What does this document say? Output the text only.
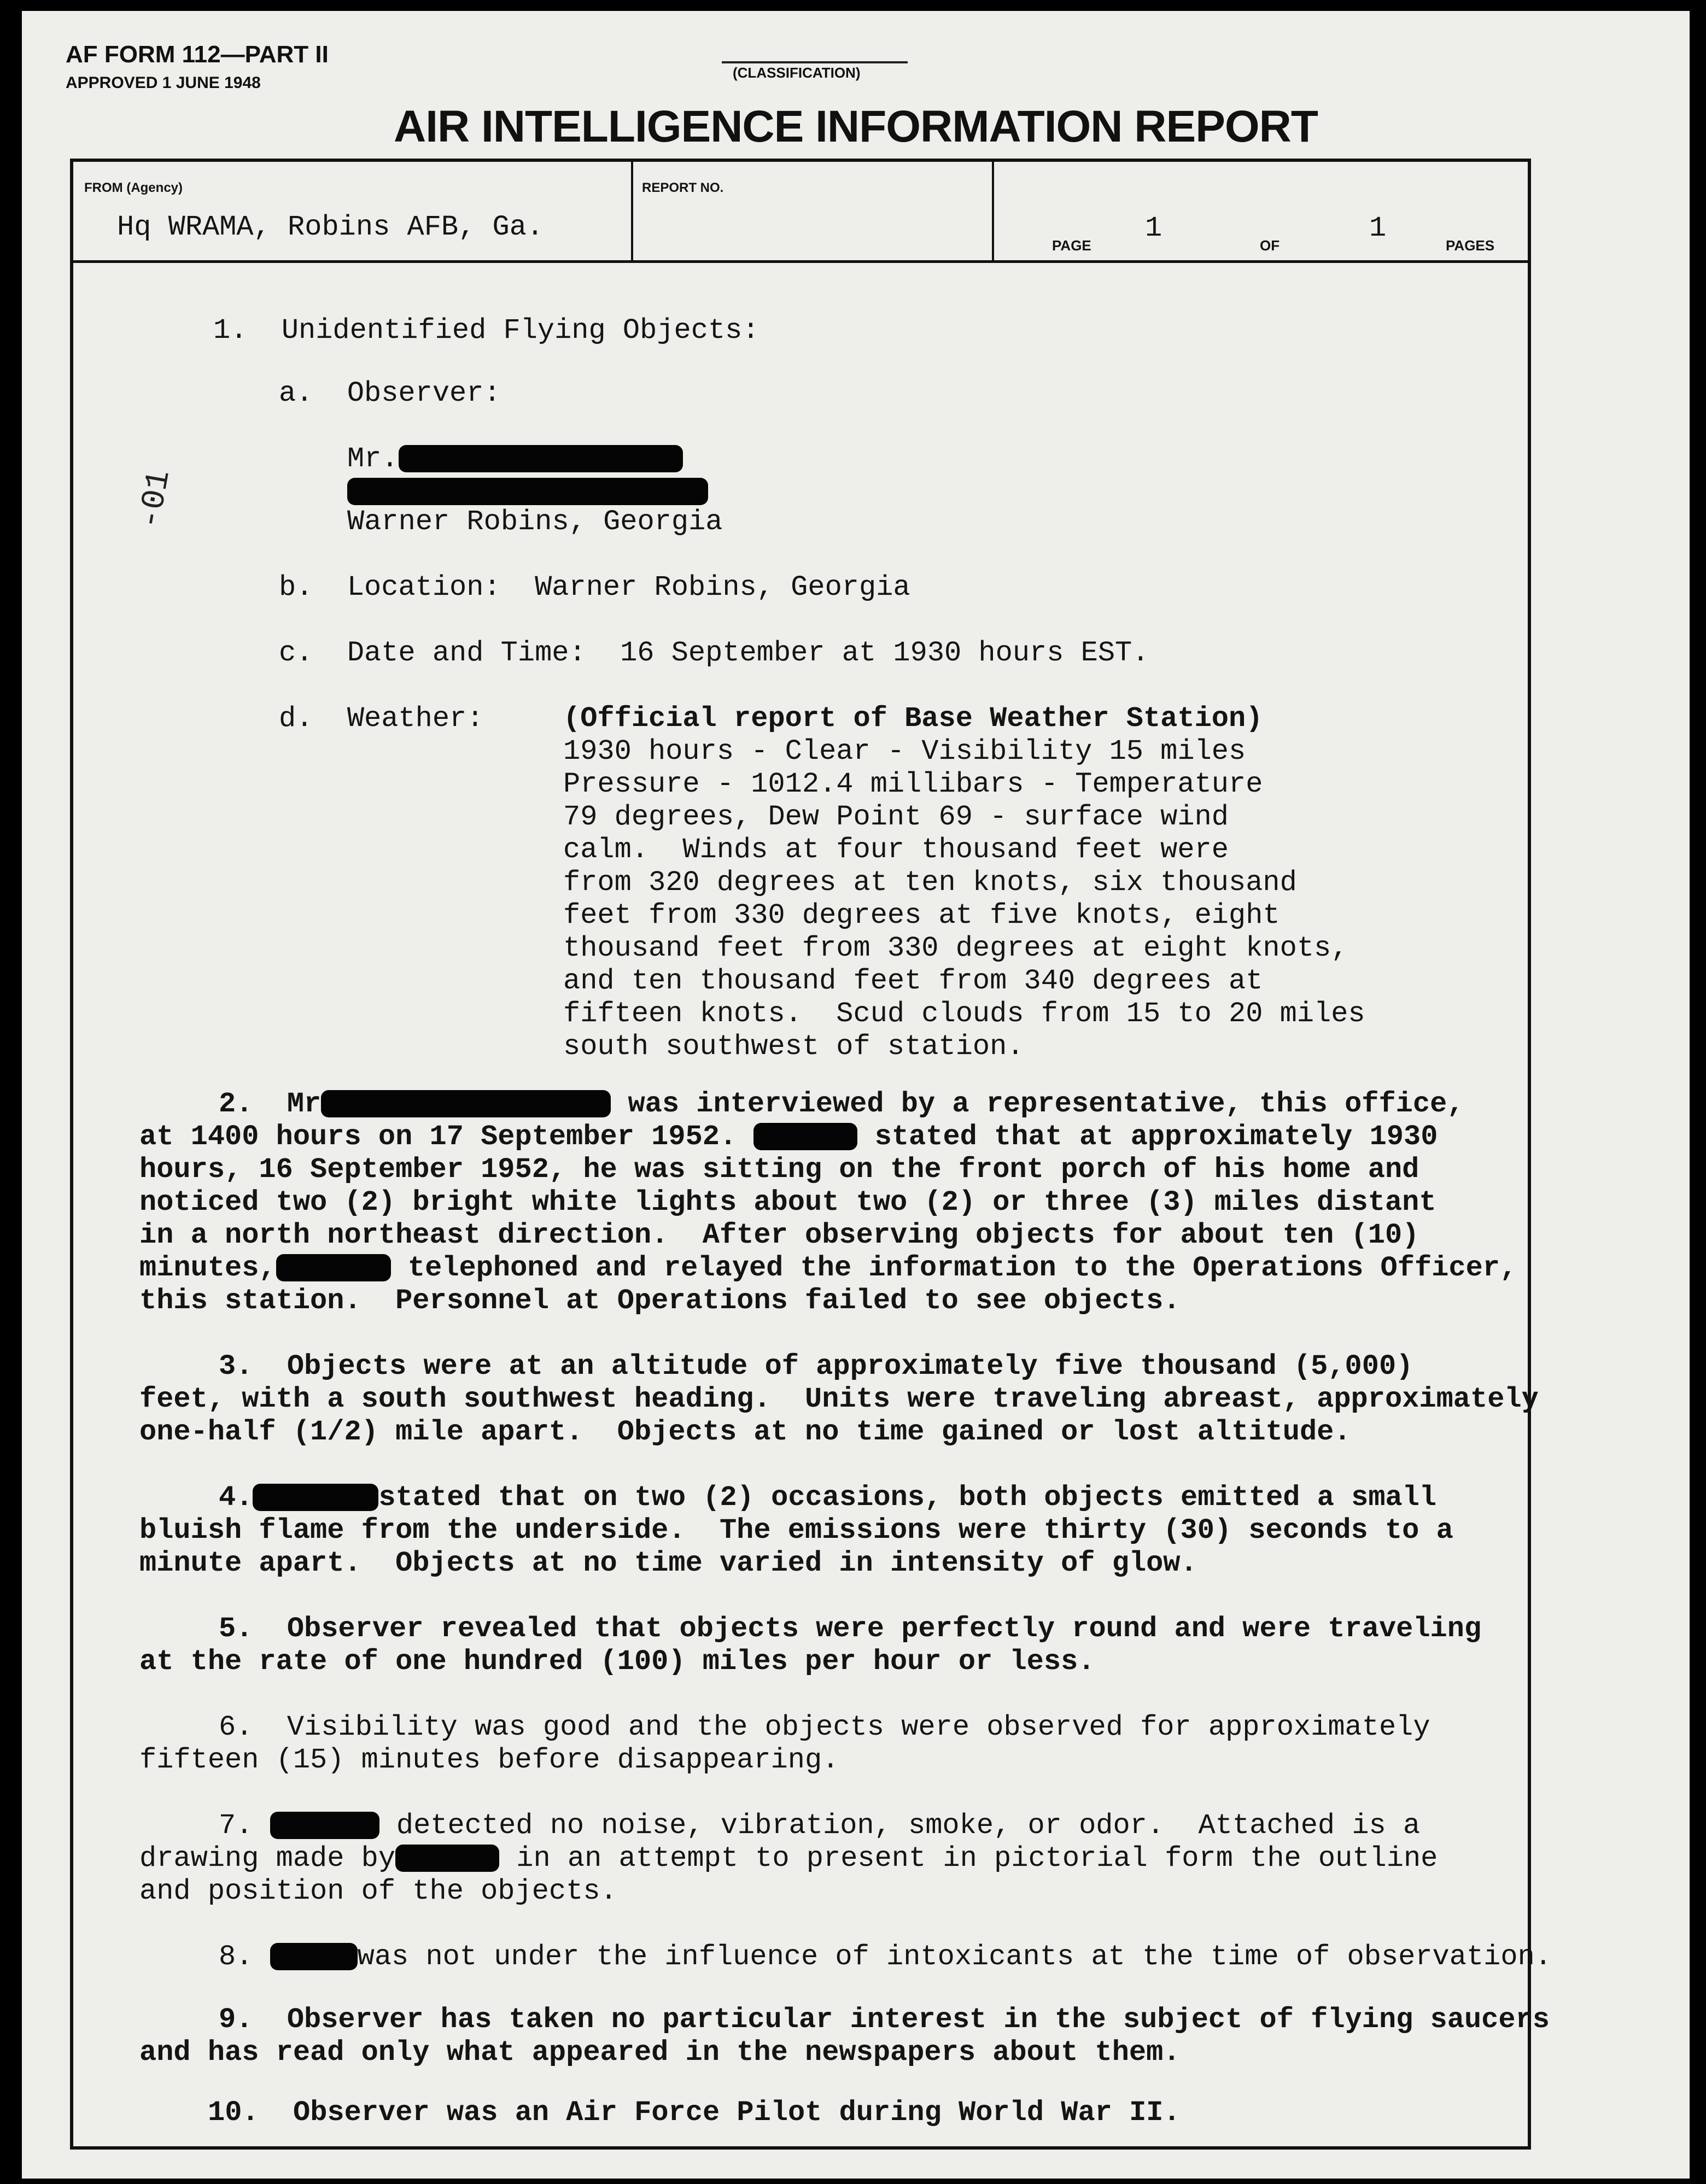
AF FORM 112—PART II
APPROVED 1 JUNE 1948
(CLASSIFICATION)
AIR INTELLIGENCE INFORMATION REPORT
FROM (Agency)
Hq WRAMA, Robins AFB, Ga.
REPORT NO.
PAGE
1
OF
1
PAGES
-01
1.  Unidentified Flying Objects:
a.  Observer:
Mr.
Warner Robins, Georgia
b.  Location:  Warner Robins, Georgia
c.  Date and Time:  16 September at 1930 hours EST.
d.  Weather:	(Official report of Base Weather Station)
1930 hours - Clear - Visibility 15 miles
Pressure - 1012.4 millibars - Temperature
79 degrees, Dew Point 69 - surface wind
calm.  Winds at four thousand feet were
from 320 degrees at ten knots, six thousand
feet from 330 degrees at five knots, eight
thousand feet from 330 degrees at eight knots,
and ten thousand feet from 340 degrees at
fifteen knots.  Scud clouds from 15 to 20 miles
south southwest of station.
2.  Mr	was interviewed by a representative, this office,
at 1400 hours on 17 September 1952.	stated that at approximately 1930
hours, 16 September 1952, he was sitting on the front porch of his home and
noticed two (2) bright white lights about two (2) or three (3) miles distant
in a north northeast direction.  After observing objects for about ten (10)
minutes,	telephoned and relayed the information to the Operations Officer,
this station.  Personnel at Operations failed to see objects.
3.  Objects were at an altitude of approximately five thousand (5,000)
feet, with a south southwest heading.  Units were traveling abreast, approximately
one-half (1/2) mile apart.  Objects at no time gained or lost altitude.
4.	stated that on two (2) occasions, both objects emitted a small
bluish flame from the underside.  The emissions were thirty (30) seconds to a
minute apart.  Objects at no time varied in intensity of glow.
5.  Observer revealed that objects were perfectly round and were traveling
at the rate of one hundred (100) miles per hour or less.
6.  Visibility was good and the objects were observed for approximately
fifteen (15) minutes before disappearing.
7.	detected no noise, vibration, smoke, or odor.  Attached is a
drawing made by	in an attempt to present in pictorial form the outline
and position of the objects.
8.	was not under the influence of intoxicants at the time of observation.
9.  Observer has taken no particular interest in the subject of flying saucers
and has read only what appeared in the newspapers about them.
10.  Observer was an Air Force Pilot during World War II.
